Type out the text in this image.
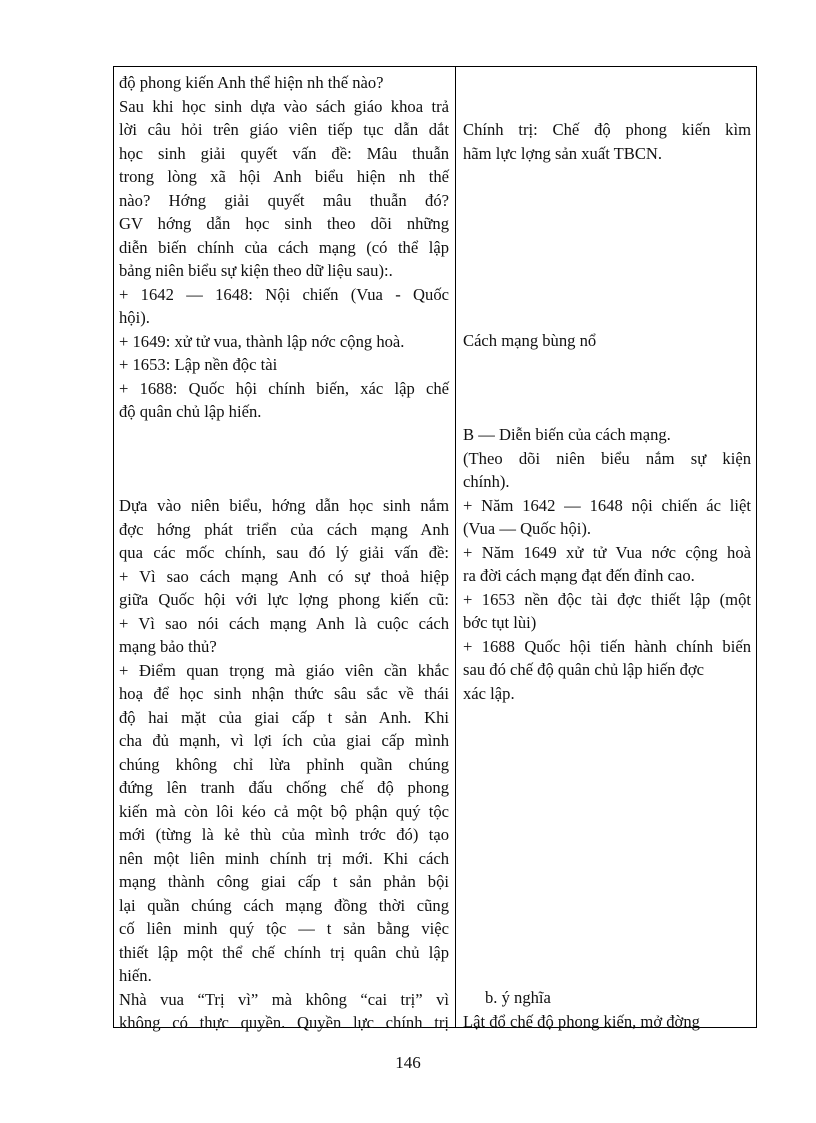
độ phong kiến Anh thể hiện nh thế nào?
Sau khi học sinh dựa vào sách giáo khoa trả
lời câu hỏi trên giáo viên tiếp tục dẫn dắt
học sinh giải quyết vấn đề: Mâu thuẫn
trong lòng xã hội Anh biểu hiện nh thế
nào? Hớng giải quyết mâu thuẫn đó?
GV hớng dẫn học sinh theo dõi những
diễn biến chính của cách mạng (có thể lập
bảng niên biểu sự kiện theo dữ liệu sau):.
+ 1642 — 1648: Nội chiến (Vua - Quốc
hội).
+ 1649: xử tử vua, thành lập nớc cộng hoà.
+ 1653: Lập nền độc tài
+ 1688: Quốc hội chính biến, xác lập chế
độ quân chủ lập hiến.
Dựa vào niên biểu, hớng dẫn học sinh nắm
đợc hớng phát triển của cách mạng Anh
qua các mốc chính, sau đó lý giải vấn đề:
+ Vì sao cách mạng Anh có sự thoả hiệp
giữa Quốc hội với lực lợng phong kiến cũ:
+ Vì sao nói cách mạng Anh là cuộc cách
mạng bảo thủ?
+ Điểm quan trọng mà giáo viên cần khắc
hoạ để học sinh nhận thức sâu sắc về thái
độ hai mặt của giai cấp t sản Anh. Khi
cha đủ mạnh, vì lợi ích của giai cấp mình
chúng không chỉ lừa phỉnh quần chúng
đứng lên tranh đấu chống chế độ phong
kiến mà còn lôi kéo cả một bộ phận quý tộc
mới (từng là kẻ thù của mình trớc đó) tạo
nên một liên minh chính trị mới. Khi cách
mạng thành công giai cấp t sản phản bội
lại quần chúng cách mạng đồng thời cũng
cố liên minh quý tộc — t sản bằng việc
thiết lập một thể chế chính trị quân chủ lập
hiến.
Nhà vua “Trị vì” mà không “cai trị” vì
không có thực quyền. Quyền lực chính trị
Chính trị: Chế độ phong kiến kìm
hãm lực lợng sản xuất TBCN.
Cách mạng bùng nổ
B — Diễn biến của cách mạng.
(Theo dõi niên biểu nắm sự kiện
chính).
+ Năm 1642 — 1648 nội chiến ác liệt
(Vua — Quốc hội).
+ Năm 1649 xử tử Vua nớc cộng hoà
ra đời cách mạng đạt đến đỉnh cao.
+ 1653 nền độc tài đợc thiết lập (một
bớc tụt lùi)
+ 1688 Quốc hội tiến hành chính biến
sau đó chế độ quân chủ lập hiến đợc
xác lập.
b. ý nghĩa
Lật đổ chế độ phong kiến, mở đờng
146
